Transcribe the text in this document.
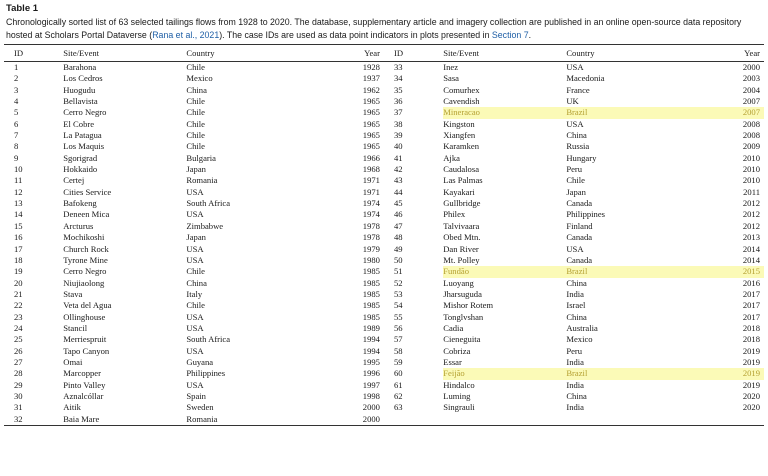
Table 1
Chronologically sorted list of 63 selected tailings flows from 1928 to 2020. The database, supplementary article and imagery collection are published in an online open-source data repository hosted at Scholars Portal Dataverse (Rana et al., 2021). The case IDs are used as data point indicators in plots presented in Section 7.
ID	Site/Event	Country	Year	ID	Site/Event	Country	Year
1	Barahona	Chile	1928	33	Inez	USA	2000
2	Los Cedros	Mexico	1937	34	Sasa	Macedonia	2003
3	Huogudu	China	1962	35	Comurhex	France	2004
4	Bellavista	Chile	1965	36	Cavendish	UK	2007
5	Cerro Negro	Chile	1965	37	Mineracao	Brazil	2007
6	El Cobre	Chile	1965	38	Kingston	USA	2008
7	La Patagua	Chile	1965	39	Xiangfen	China	2008
8	Los Maquis	Chile	1965	40	Karamken	Russia	2009
9	Sgorigrad	Bulgaria	1966	41	Ajka	Hungary	2010
10	Hokkaido	Japan	1968	42	Caudalosa	Peru	2010
11	Certej	Romania	1971	43	Las Palmas	Chile	2010
12	Cities Service	USA	1971	44	Kayakari	Japan	2011
13	Bafokeng	South Africa	1974	45	Gullbridge	Canada	2012
14	Deneen Mica	USA	1974	46	Philex	Philippines	2012
15	Arcturus	Zimbabwe	1978	47	Talvivaara	Finland	2012
16	Mochikoshi	Japan	1978	48	Obed Mtn.	Canada	2013
17	Church Rock	USA	1979	49	Dan River	USA	2014
18	Tyrone Mine	USA	1980	50	Mt. Polley	Canada	2014
19	Cerro Negro	Chile	1985	51	Fundão	Brazil	2015
20	Niujiaolong	China	1985	52	Luoyang	China	2016
21	Stava	Italy	1985	53	Jharsuguda	India	2017
22	Veta del Agua	Chile	1985	54	Mishor Rotem	Israel	2017
23	Ollinghouse	USA	1985	55	Tonglvshan	China	2017
24	Stancil	USA	1989	56	Cadia	Australia	2018
25	Merriespruit	South Africa	1994	57	Cieneguita	Mexico	2018
26	Tapo Canyon	USA	1994	58	Cobriza	Peru	2019
27	Omai	Guyana	1995	59	Essar	India	2019
28	Marcopper	Philippines	1996	60	Feijão	Brazil	2019
29	Pinto Valley	USA	1997	61	Hindalco	India	2019
30	Aznalcóllar	Spain	1998	62	Luming	China	2020
31	Aitik	Sweden	2000	63	Singrauli	India	2020
32	Baia Mare	Romania	2000				
